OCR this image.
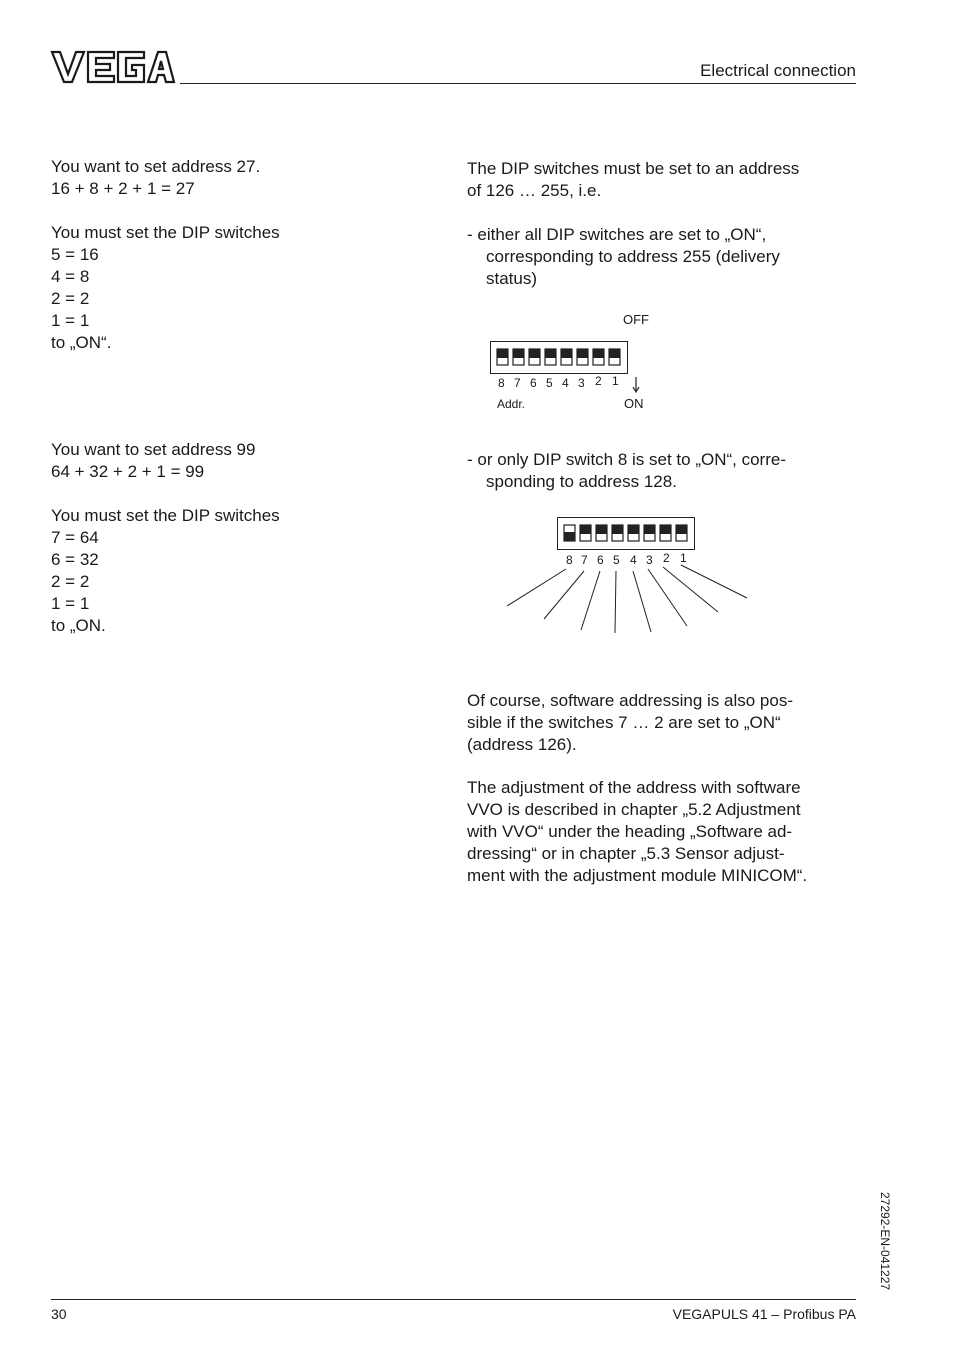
Electrical connection
You want to set address 27.
16 + 8 + 2 + 1 = 27

You must set the DIP switches
5 = 16
4 = 8
2 = 2
1 = 1
to „ON“.
You want to set address 99
64 + 32 + 2 + 1 = 99

You must set the DIP switches
7 = 64
6 = 32
2 = 2
1 = 1
to „ON.
The DIP switches must be set to an address
of 126 … 255, i.e.
- either all DIP switches are set to „ON“,
corresponding to address 255 (delivery
status)
OFF
8 7 6 5 4 3 2 1
Addr.	ON
- or only DIP switch 8 is set to „ON“, corre-
sponding to address 128.
8 7 6 5 4 3 2 1
Of course, software addressing is also pos-
sible if the switches 7 … 2 are set to „ON“
(address 126).
The adjustment of the address with software
VVO is described in chapter „5.2 Adjustment
with VVO“ under the heading „Software ad-
dressing“ or in chapter „5.3 Sensor adjust-
ment with the adjustment module MINICOM“.
27292-EN-041227
30	VEGAPULS 41 – Profibus PA
